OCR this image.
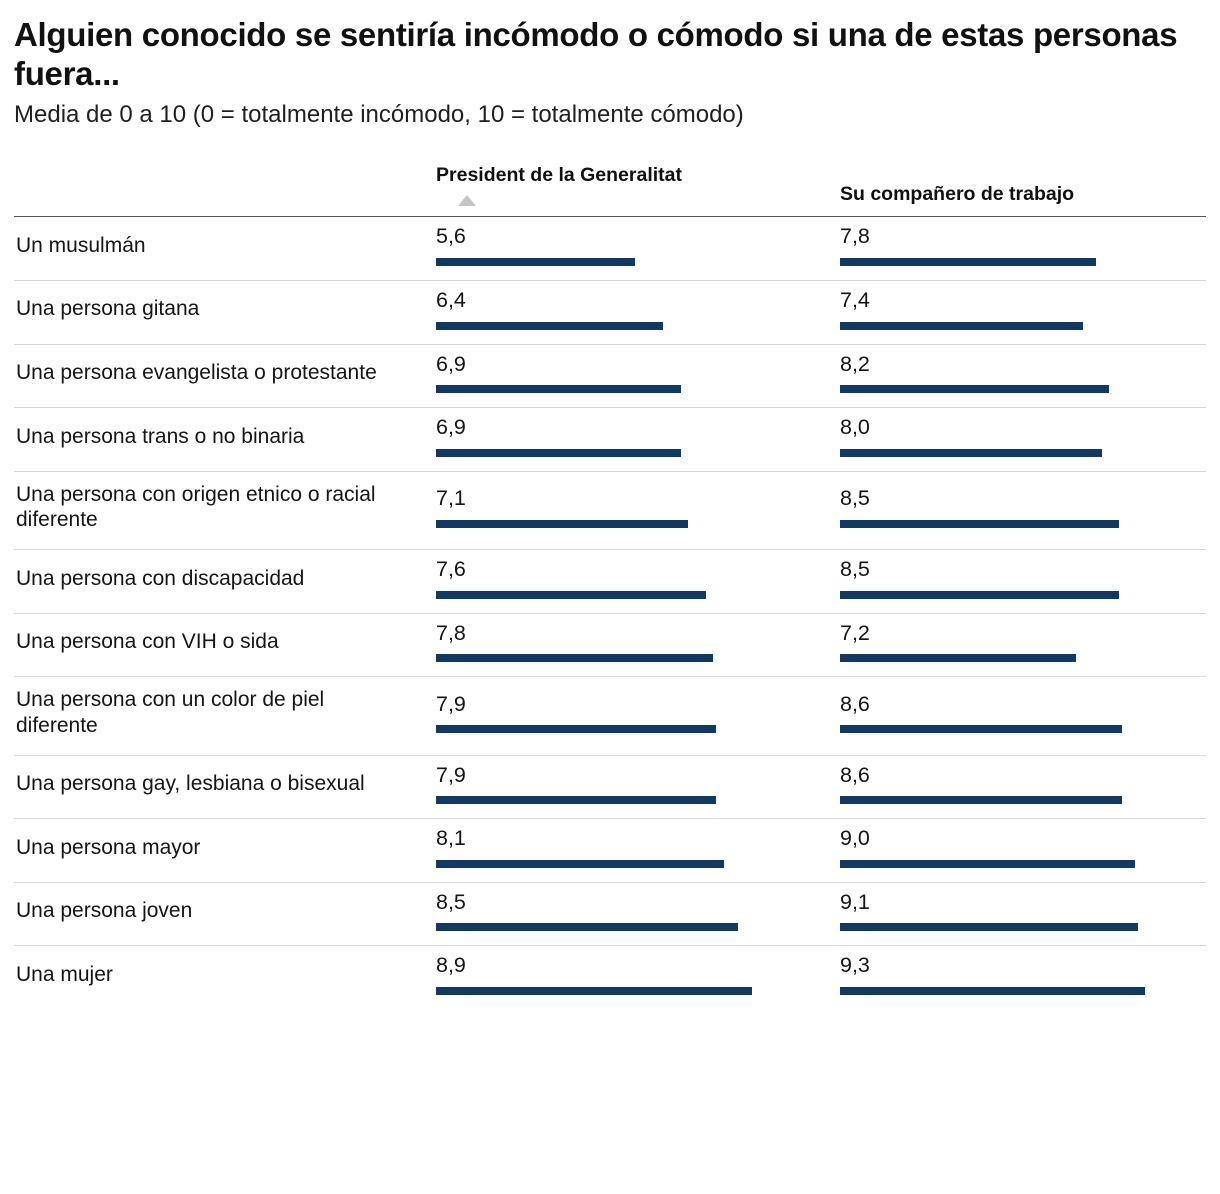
Alguien conocido se sentiría incómodo o cómodo si una de estas personas fuera...
Media de 0 a 10 (0 = totalmente incómodo, 10 = totalmente cómodo)

	President de la Generalitat	Su compañero de trabajo

Un musulmán	5,6	7,8

Una persona gitana	6,4	7,4

Una persona evangelista o protestante	6,9	8,2

Una persona trans o no binaria	6,9	8,0

Una persona con origen etnico o racial diferente	7,1	8,5

Una persona con discapacidad	7,6	8,5

Una persona con VIH o sida	7,8	7,2

Una persona con un color de piel diferente	7,9	8,6

Una persona gay, lesbiana o bisexual	7,9	8,6

Una persona mayor	8,1	9,0

Una persona joven	8,5	9,1

Una mujer	8,9	9,3
